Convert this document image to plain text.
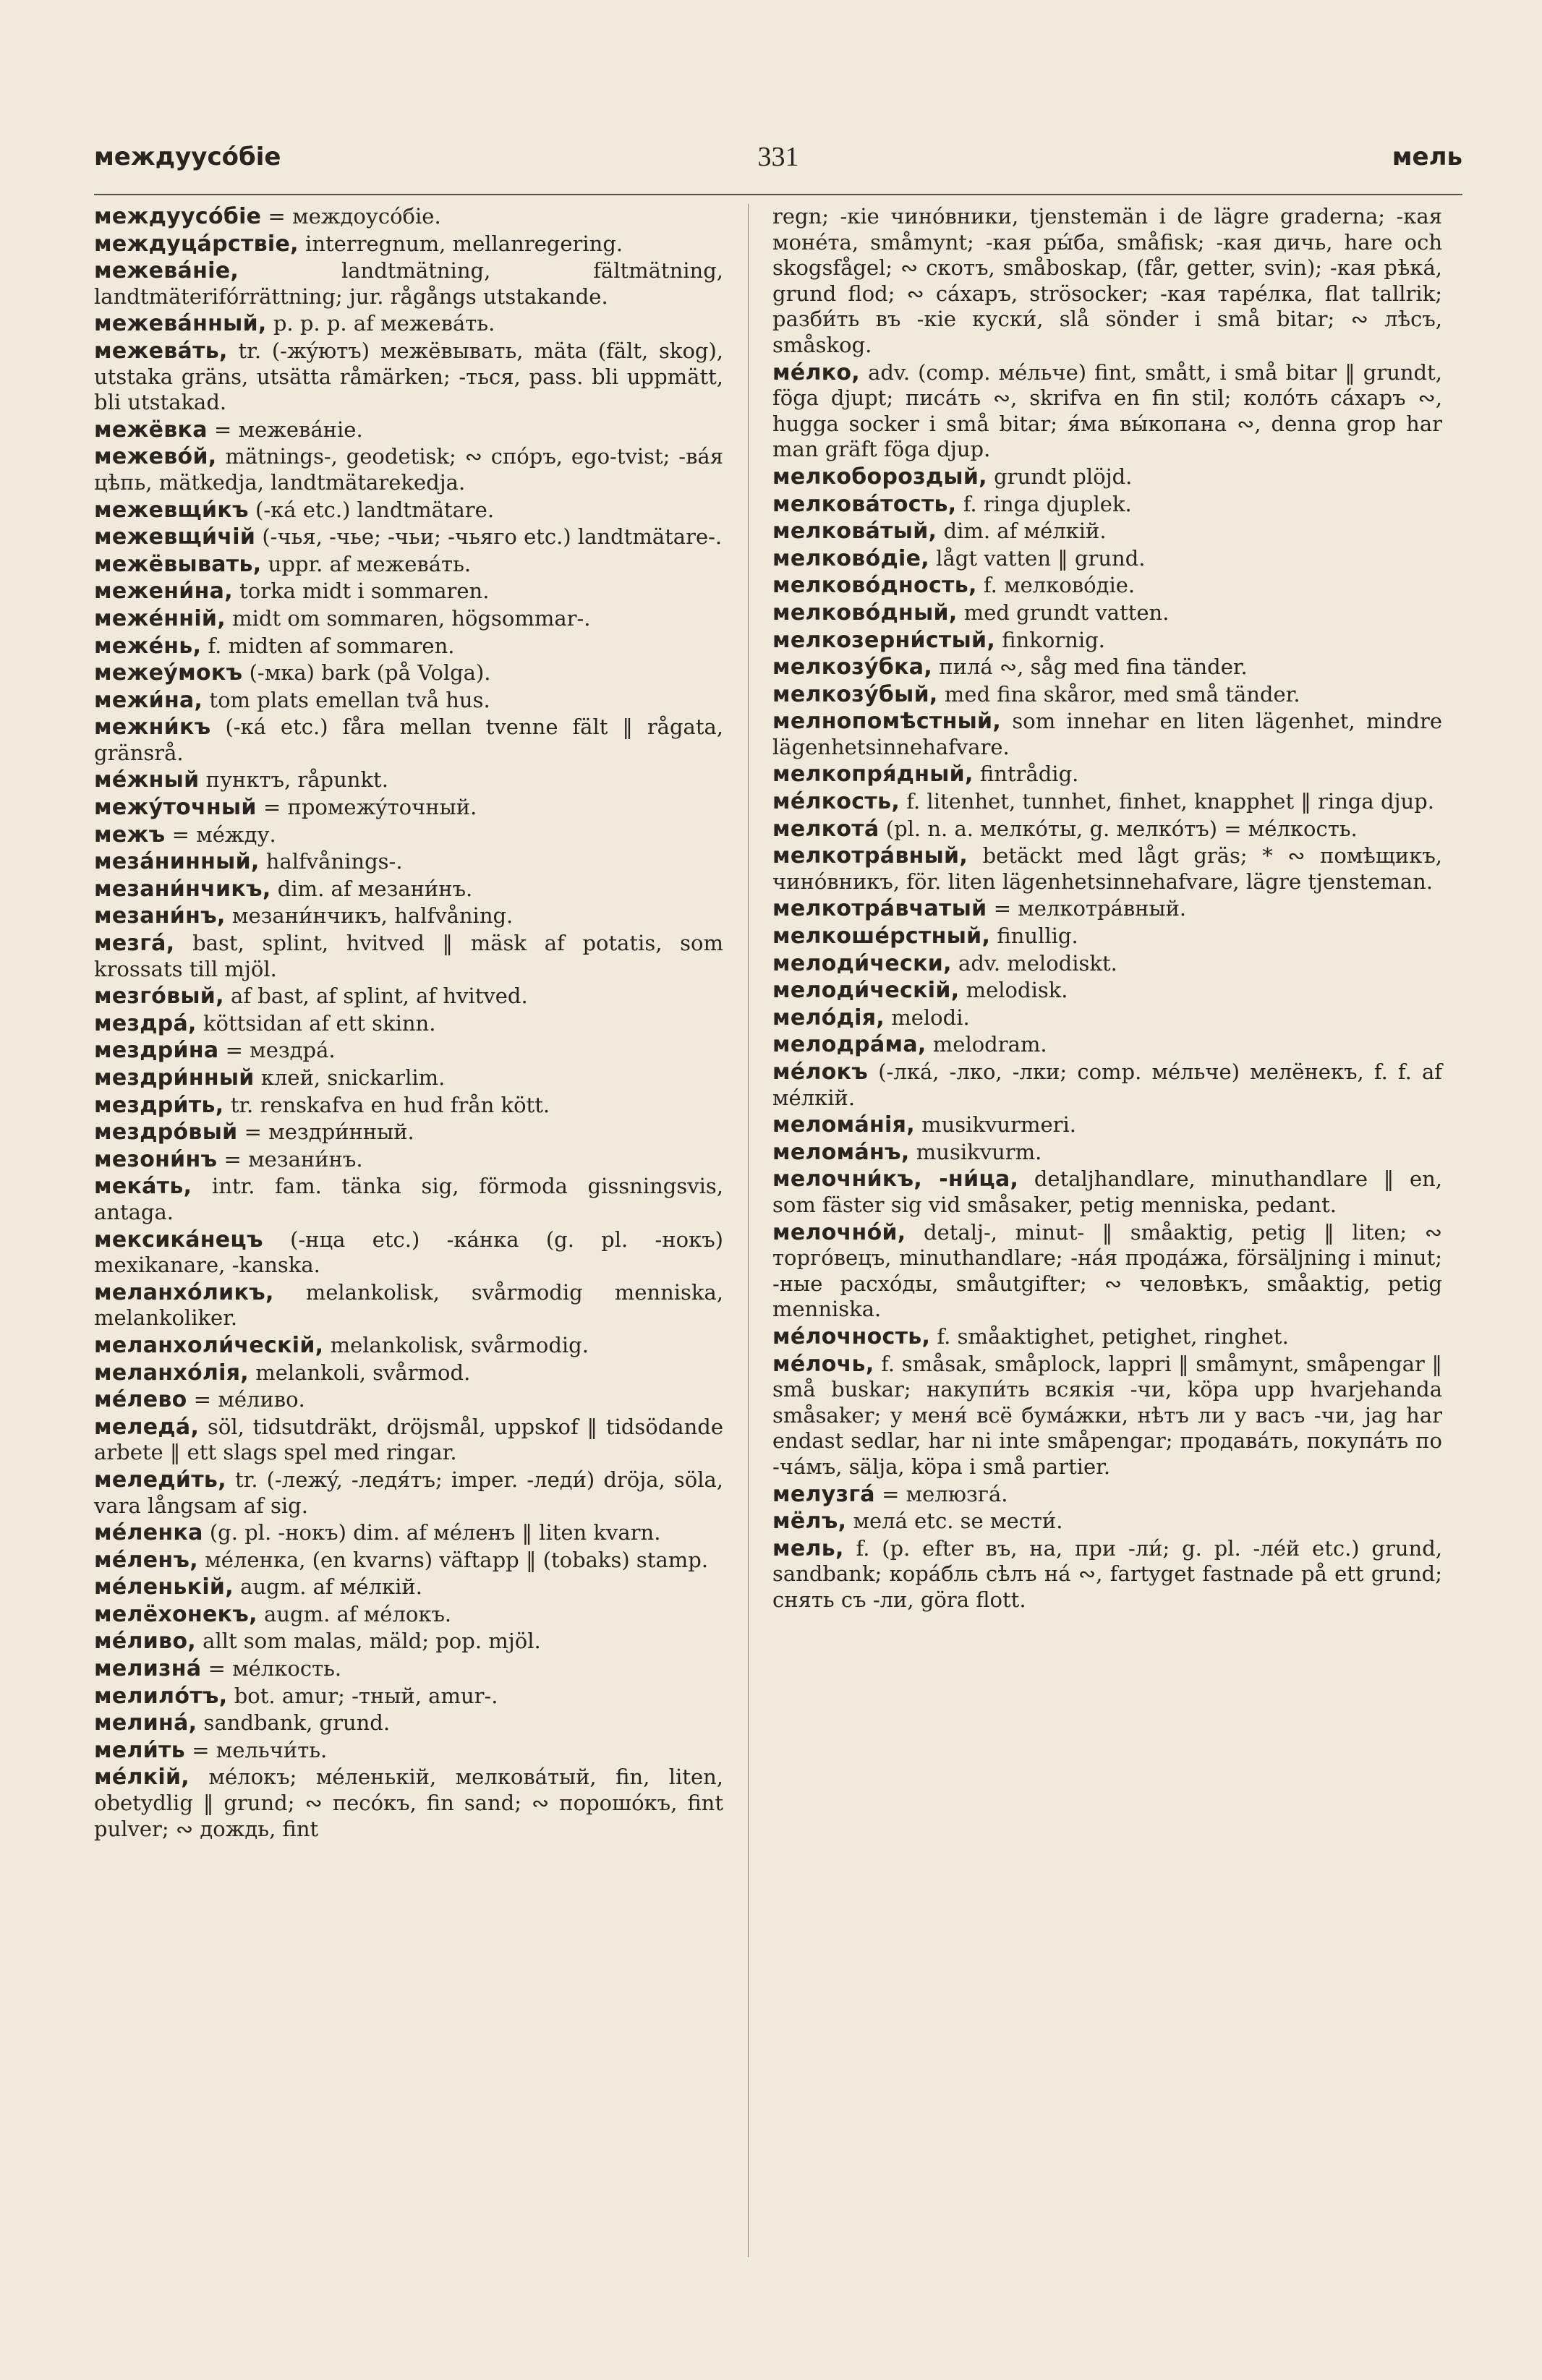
331
междуусóбіе	мель

междуусóбіе = междоусóбіе.

междуцáрствіе, interregnum, mellanregering.

межевáніе, landtmätning, fältmätning, landtmäterifórrättning; jur. rågångs utstakande.

межевáнный, p. p. p. af межевáть.

межевáть, tr. (-жýютъ) межёвывать, mäta (fält, skog), utstaka gräns, utsätta råmärken; -ться, pass. bli uppmätt, bli utstakad.

межёвка = межевáніе.

межевóй, mätnings-, geodetisk; ∾ спóръ, ego-tvist; -вáя цѣпь, mätkedja, landtmätarekedja.

межевщи́къ (-кá etc.) landtmätare.

межевщи́чій (-чья, -чье; -чьи; -чьяго etc.) landtmätare-.

межёвывать, uppr. af межевáть.

межени́на, torka midt i sommaren.

межéнній, midt om sommaren, högsommar-.

межéнь, f. midten af sommaren.

межеýмокъ (-мка) bark (på Volga).

межи́на, tom plats emellan två hus.

межни́къ (-кá etc.) fåra mellan tvenne fält ‖ rågata, gränsrå.

мéжный пунктъ, råpunkt.

межýточный = промежýточный.

межъ = мéжду.

мезáнинный, halfvånings-.

мезани́нчикъ, dim. af мезани́нъ.

мезани́нъ, мезани́нчикъ, halfvåning.

мезгá, bast, splint, hvitved ‖ mäsk af potatis, som krossats till mjöl.

мезгóвый, af bast, af splint, af hvitved.

мездрá, köttsidan af ett skinn.

мездри́на = мездрá.

мездри́нный клей, snickarlim.

мездри́ть, tr. renskafva en hud från kött.

мездрóвый = мездри́нный.

мезони́нъ = мезани́нъ.

мекáть, intr. fam. tänka sig, förmoda gissningsvis, antaga.

мексикáнецъ (-нца etc.) -кáнка (g. pl. -нокъ) mexikanare, -kanska.

меланхóликъ, melankolisk, svårmodig menniska, melankoliker.

меланхоли́ческій, melankolisk, svårmodig.

меланхóлія, melankoli, svårmod.

мéлево = мéливо.

меледá, söl, tidsutdräkt, dröjsmål, uppskof ‖ tidsödande arbete ‖ ett slags spel med ringar.

меледи́ть, tr. (-лежý, -ледя́тъ; imper. -леди́) dröja, söla, vara långsam af sig.

мéленка (g. pl. -нокъ) dim. af мéленъ ‖ liten kvarn.

мéленъ, мéленка, (en kvarns) väftapp ‖ (tobaks) stamp.

мéленькій, augm. af мéлкій.

мелёхонекъ, augm. af мéлокъ.

мéливо, allt som malas, mäld; pop. mjöl.

мелизнá = мéлкость.

мелилóтъ, bot. amur; -тный, amur-.

мелинá, sandbank, grund.

мели́ть = мельчи́ть.

мéлкій, мéлокъ; мéленькій, мелковáтый, fin, liten, obetydlig ‖ grund; ∾ песóкъ, fin sand; ∾ порошóкъ, fint pulver; ∾ дождь, fint

regn; -кіе чинóвники, tjenstemän i de lägre graderna; -кая монéта, småmynt; -кая ры́ба, småfisk; -кая дичь, hare och skogsfågel; ∾ скотъ, småboskap, (får, getter, svin); -кая рѣкá, grund flod; ∾ сáхаръ, strösocker; -кая тарéлка, flat tallrik; разби́ть въ -кіе куски́, slå sönder i små bitar; ∾ лѣсъ, småskog.

мéлко, adv. (comp. мéльче) fint, smått, i små bitar ‖ grundt, föga djupt; писáть ∾, skrifva en fin stil; колóть сáхаръ ∾, hugga socker i små bitar; я́ма вы́копана ∾, denna grop har man gräft föga djup.

мелкобороздый, grundt plöjd.

мелковáтость, f. ringa djuplek.

мелковáтый, dim. af мéлкій.

мелковóдіе, lågt vatten ‖ grund.

мелковóдность, f. мелковóдіе.

мелковóдный, med grundt vatten.

мелкозерни́стый, finkornig.

мелкозýбка, пилá ∾, såg med fina tänder.

мелкозýбый, med fina skåror, med små tänder.

мелнопомѣстный, som innehar en liten lägenhet, mindre lägenhetsinnehafvare.

мелкопря́дный, fintrådig.

мéлкость, f. litenhet, tunnhet, finhet, knapphet ‖ ringa djup.

мелкотá (pl. n. a. мелкóты, g. мелкóтъ) = мéлкость.

мелкотрáвный, betäckt med lågt gräs; * ∾ помѣщикъ, чинóвникъ, för. liten lägenhetsinnehafvare, lägre tjensteman.

мелкотрáвчатый = мелкотрáвный.

мелкошéрстный, finullig.

мелоди́чески, adv. melodiskt.

мелоди́ческій, melodisk.

мелóдія, melodi.

мелодрáма, melodram.

мéлокъ (-лкá, -лко, -лки; comp. мéльче) мелёнекъ, f. f. af мéлкій.

меломáнія, musikvurmeri.

меломáнъ, musikvurm.

мелочни́къ, -ни́ца, detaljhandlare, minuthandlare ‖ en, som fäster sig vid småsaker, petig menniska, pedant.

мелочнóй, detalj-, minut- ‖ småaktig, petig ‖ liten; ∾ торгóвецъ, minuthandlare; -нáя продáжа, försäljning i minut; -ные расхóды, småutgifter; ∾ человѣкъ, småaktig, petig menniska.

мéлочность, f. småaktighet, petighet, ringhet.

мéлочь, f. småsak, småplock, lappri ‖ småmynt, småpengar ‖ små buskar; накупи́ть всякія -чи, köpa upp hvarjehanda småsaker; у меня́ всё бумáжки, нѣтъ ли у васъ -чи, jag har endast sedlar, har ni inte småpengar; продавáть, покупáть по -чáмъ, sälja, köpa i små partier.

мелузгá = мелюзгá.

мёлъ, мелá etc. se мести́.

мель, f. (p. efter въ, на, при -ли́; g. pl. -лéй etc.) grund, sandbank; корáбль сѣлъ нá ∾, fartyget fastnade på ett grund; снять съ -ли, göra flott.
